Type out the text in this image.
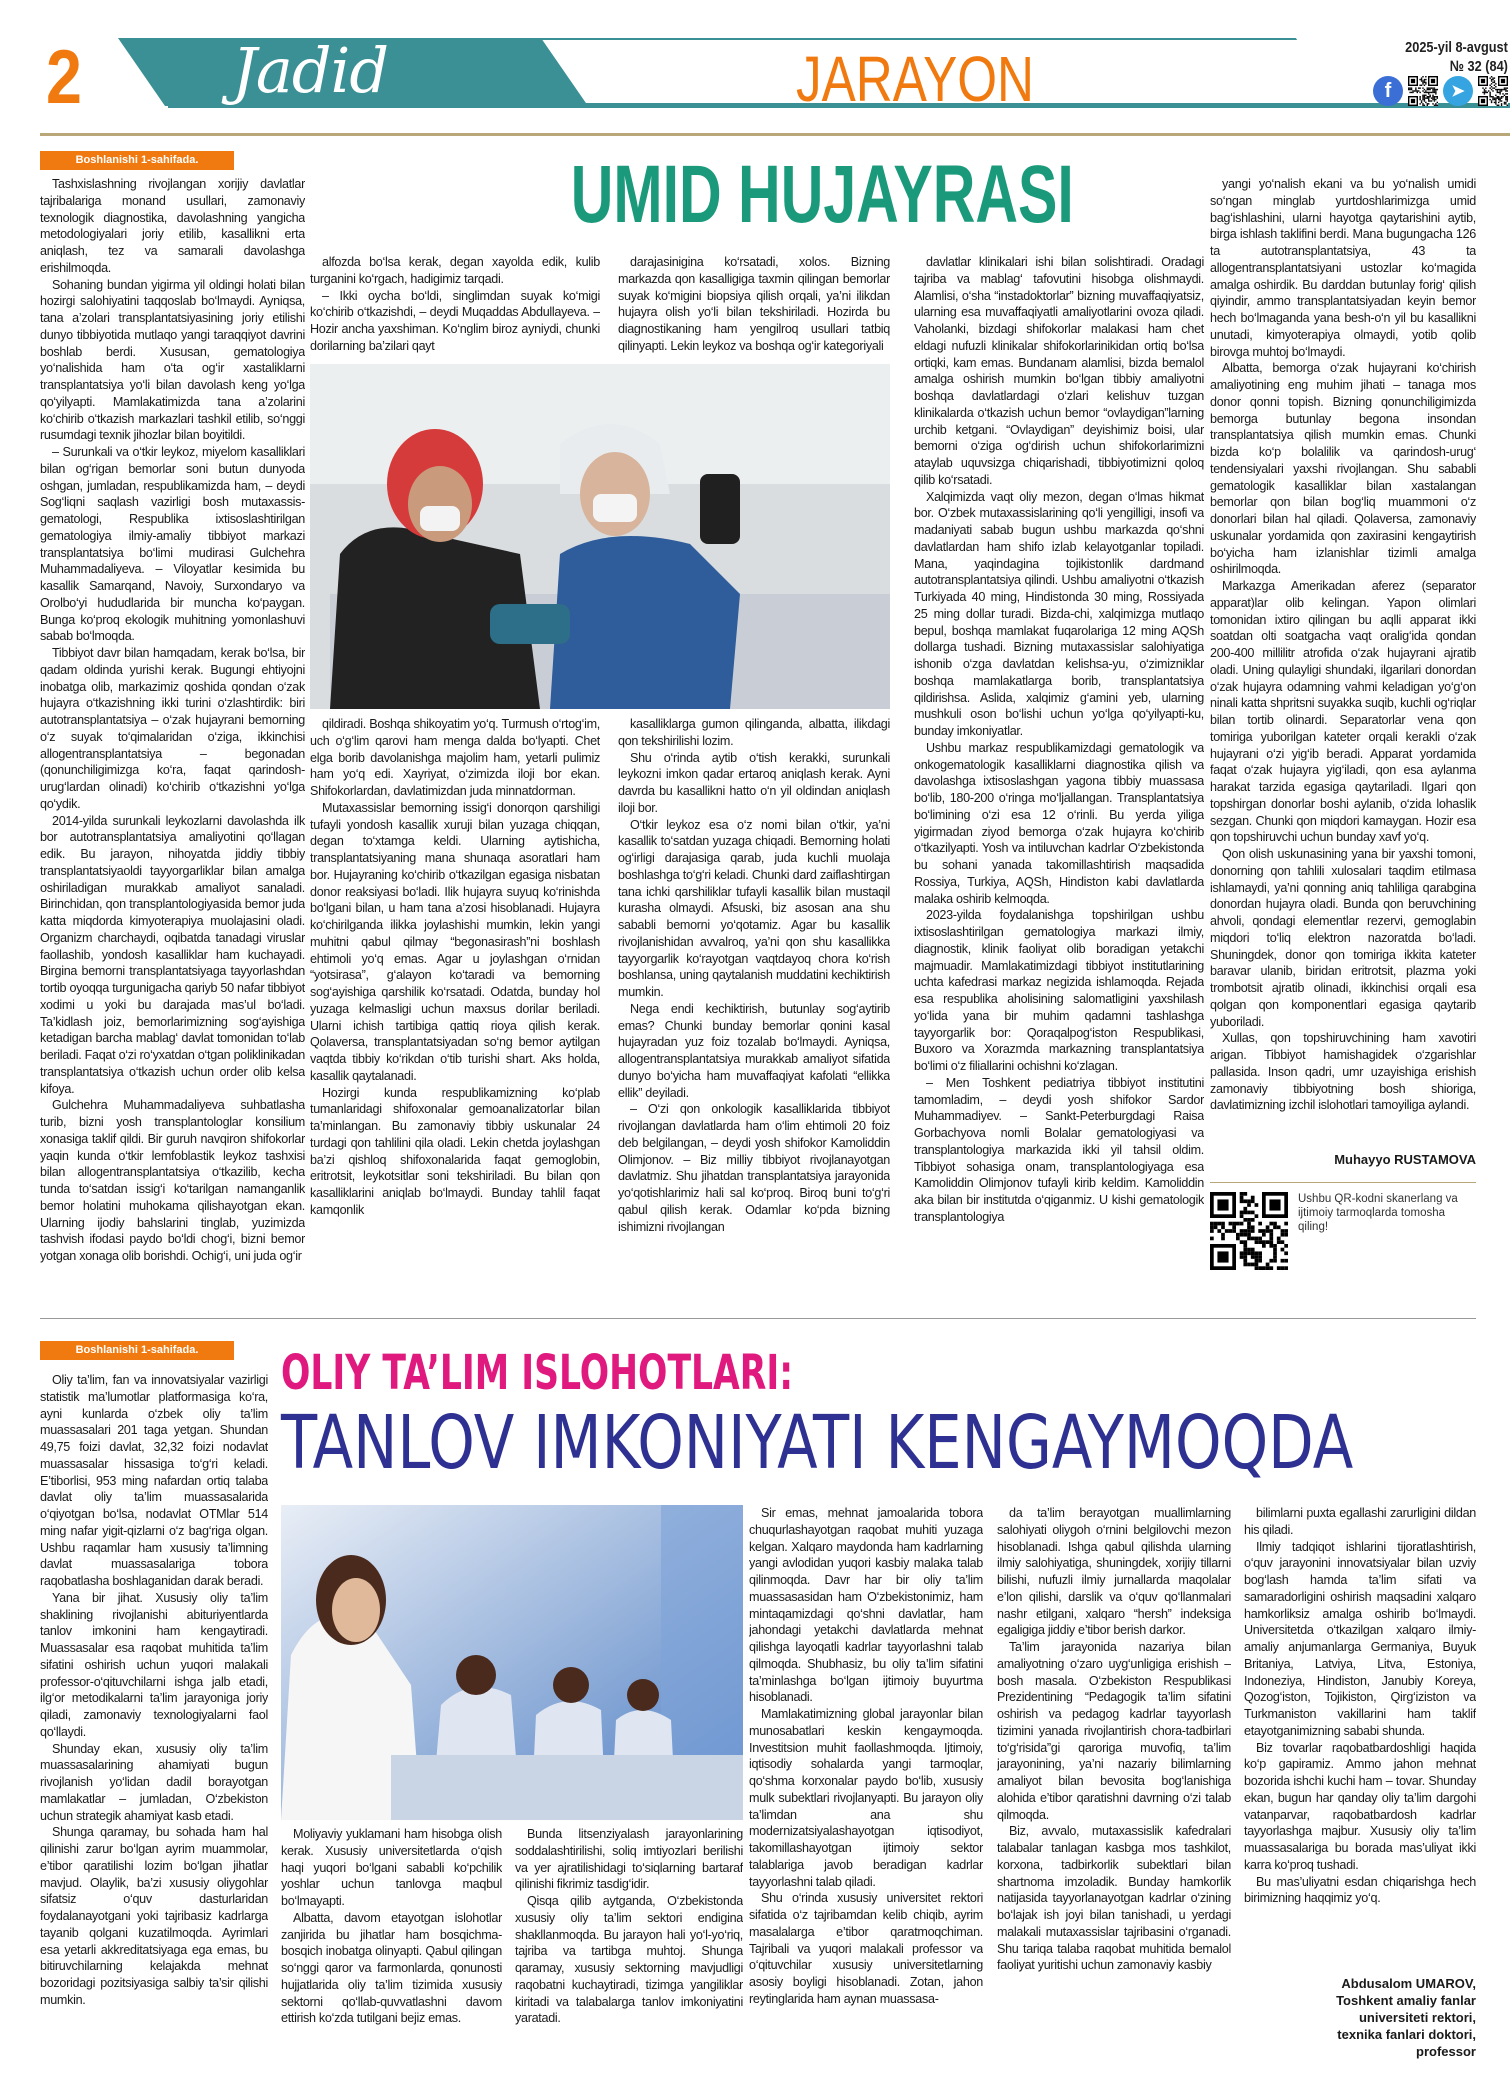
2 Jadid	JARAYON	2025-yil 8-avgust
№ 32 (84)
f	➤
Boshlanishi 1-sahifada.	UMID HUJAYRASI

Tashxislashning rivojlangan xorijiy davlatlar tajribalariga monand usullari, zamonaviy texnologik diagnostika, davolashning yangicha metodologiyalari joriy etilib, kasallikni erta aniqlash, tez va samarali davolashga erishilmoqda.

Sohaning bundan yigirma yil oldingi holati bilan hozirgi salohiyatini taqqoslab bo‘lmaydi. Ayniqsa, tana a’zolari transplantatsiyasining joriy etilishi dunyo tibbiyotida mutlaqo yangi taraqqiyot davrini boshlab berdi. Xususan, gematologiya yo‘nalishida ham o‘ta og‘ir xastaliklarni transplantatsiya yo‘li bilan davolash keng yo‘lga qo‘yilyapti. Mamlakatimizda tana a’zolarini ko‘chirib o‘tkazish markazlari tashkil etilib, so‘nggi rusumdagi texnik jihozlar bilan boyitildi.

– Surunkali va o‘tkir leykoz, miyelom kasalliklari bilan og‘rigan bemorlar soni butun dunyoda oshgan, jumladan, respublikamizda ham, – deydi Sog‘liqni saqlash vazirligi bosh mutaxassis-gematologi, Respublika ixtisoslashtirilgan gematologiya ilmiy-amaliy tibbiyot markazi transplantatsiya bo‘limi mudirasi Gulchehra Muhammadaliyeva. – Viloyatlar kesimida bu kasallik Samarqand, Navoiy, Surxondaryo va Orolbo‘yi hududlarida bir muncha ko‘paygan. Bunga ko‘proq ekologik muhitning yomonlashuvi sabab bo‘lmoqda.

Tibbiyot davr bilan hamqadam, kerak bo‘lsa, bir qadam oldinda yurishi kerak. Bugungi ehtiyojni inobatga olib, markazimiz qoshida qondan o‘zak hujayra o‘tkazishning ikki turini o‘zlashtirdik: biri autotransplantatsiya – o‘zak hujayrani bemorning o‘z suyak to‘qimalaridan o‘ziga, ikkinchisi allogentransplantatsiya – begonadan (qonunchiligimizga ko‘ra, faqat qarindosh-urug‘lardan olinadi) ko‘chirib o‘tkazishni yo‘lga qo‘ydik.

2014-yilda surunkali leykozlarni davolashda ilk bor autotransplantatsiya amaliyotini qo‘llagan edik. Bu jarayon, nihoyatda jiddiy tibbiy transplantatsiyaoldi tayyorgarliklar bilan amalga oshiriladigan murakkab amaliyot sanaladi. Birinchidan, qon transplantologiyasida bemor juda katta miqdorda kimyoterapiya muolajasini oladi. Organizm charchaydi, oqibatda tanadagi viruslar faollashib, yondosh kasalliklar ham kuchayadi. Birgina bemorni transplantatsiyaga tayyorlashdan tortib oyoqqa turgunigacha qariyb 50 nafar tibbiyot xodimi u yoki bu darajada mas’ul bo‘ladi. Ta’kidlash joiz, bemorlarimizning sog‘ayishiga ketadigan barcha mablag‘ davlat tomonidan to‘lab beriladi. Faqat o‘zi ro‘yxatdan o‘tgan poliklinikadan transplantatsiya o‘tkazish uchun order olib kelsa kifoya.

Gulchehra Muhammadaliyeva suhbatlasha turib, bizni yosh transplantologlar konsilium xonasiga taklif qildi. Bir guruh navqiron shifokorlar yaqin kunda o‘tkir lemfoblastik leykoz tashxisi bilan allogentransplantatsiya o‘tkazilib, kecha tunda to‘satdan issig‘i ko‘tarilgan namanganlik bemor holatini muhokama qilishayotgan ekan. Ularning ijodiy bahslarini tinglab, yuzimizda tashvish ifodasi paydo bo‘ldi chog‘i, bizni bemor yotgan xonaga olib borishdi. Ochig‘i, uni juda og‘ir

alfozda bo‘lsa kerak, degan xayolda edik, kulib turganini ko‘rgach, hadigimiz tarqadi.

– Ikki oycha bo‘ldi, singlimdan suyak ko‘migi ko‘chirib o‘tkazishdi, – deydi Muqaddas Abdullayeva. – Hozir ancha yaxshiman. Ko‘nglim biroz ayniydi, chunki dorilarning ba’zilari qayt

darajasinigina ko‘rsatadi, xolos. Bizning markazda qon kasalligiga taxmin qilingan bemorlar suyak ko‘migini biopsiya qilish orqali, ya’ni ilikdan hujayra olish yo‘li bilan tekshiriladi. Hozirda bu diagnostikaning ham yengilroq usullari tatbiq qilinyapti. Lekin leykoz va boshqa og‘ir kategoriyali

qildiradi. Boshqa shikoyatim yo‘q. Turmush o‘rtog‘im, uch o‘g‘lim qarovi ham menga dalda bo‘lyapti. Chet elga borib davolanishga majolim ham, yetarli pulimiz ham yo‘q edi. Xayriyat, o‘zimizda iloji bor ekan. Shifokorlardan, davlatimizdan juda minnatdorman.

Mutaxassislar bemorning issig‘i donorqon qarshiligi tufayli yondosh kasallik xuruji bilan yuzaga chiqqan, degan to‘xtamga keldi. Ularning aytishicha, transplantatsiyaning mana shunaqa asoratlari ham bor. Hujayraning ko‘chirib o‘tkazilgan egasiga nisbatan donor reaksiyasi bo‘ladi. Ilik hujayra suyuq ko‘rinishda bo‘lgani bilan, u ham tana a’zosi hisoblanadi. Hujayra ko‘chirilganda ilikka joylashishi mumkin, lekin yangi muhitni qabul qilmay “begonasirash”ni boshlash ehtimoli yo‘q emas. Agar u joylashgan o‘rnidan “yotsirasa”, g‘alayon ko‘taradi va bemorning sog‘ayishiga qarshilik ko‘rsatadi. Odatda, bunday hol yuzaga kelmasligi uchun maxsus dorilar beriladi. Ularni ichish tartibiga qattiq rioya qilish kerak. Qolaversa, transplantatsiyadan so‘ng bemor aytilgan vaqtda tibbiy ko‘rikdan o‘tib turishi shart. Aks holda, kasallik qaytalanadi.

Hozirgi kunda respublikamizning ko‘plab tumanlaridagi shifoxonalar gemoanalizatorlar bilan ta’minlangan. Bu zamonaviy tibbiy uskunalar 24 turdagi qon tahlilini qila oladi. Lekin chetda joylashgan ba’zi qishloq shifoxonalarida faqat gemoglobin, eritrotsit, leykotsitlar soni tekshiriladi. Bu bilan qon kasalliklarini aniqlab bo‘lmaydi. Bunday tahlil faqat kamqonlik

kasalliklarga gumon qilinganda, albatta, ilikdagi qon tekshirilishi lozim.

Shu o‘rinda aytib o‘tish kerakki, surunkali leykozni imkon qadar ertaroq aniqlash kerak. Ayni davrda bu kasallikni hatto o‘n yil oldindan aniqlash iloji bor.

O‘tkir leykoz esa o‘z nomi bilan o‘tkir, ya’ni kasallik to‘satdan yuzaga chiqadi. Bemorning holati og‘irligi darajasiga qarab, juda kuchli muolaja boshlashga to‘g‘ri keladi. Chunki dard zaiflashtirgan tana ichki qarshiliklar tufayli kasallik bilan mustaqil kurasha olmaydi. Afsuski, biz asosan ana shu sababli bemorni yo‘qotamiz. Agar bu kasallik rivojlanishidan avvalroq, ya’ni qon shu kasallikka tayyorgarlik ko‘rayotgan vaqtdayoq chora ko‘rish boshlansa, uning qaytalanish muddatini kechiktirish mumkin.

Nega endi kechiktirish, butunlay sog‘aytirib emas? Chunki bunday bemorlar qonini kasal hujayradan yuz foiz tozalab bo‘lmaydi. Ayniqsa, allogentransplantatsiya murakkab amaliyot sifatida dunyo bo‘yicha ham muvaffaqiyat kafolati “ellikka ellik” deyiladi.

– O‘zi qon onkologik kasalliklarida tibbiyot rivojlangan davlatlarda ham o‘lim ehtimoli 20 foiz deb belgilangan, – deydi yosh shifokor Kamoliddin Olimjonov. – Biz milliy tibbiyot rivojlanayotgan davlatmiz. Shu jihatdan transplantatsiya jarayonida yo‘qotishlarimiz hali sal ko‘proq. Biroq buni to‘g‘ri qabul qilish kerak. Odamlar ko‘pda bizning ishimizni rivojlangan

davlatlar klinikalari ishi bilan solishtiradi. Oradagi tajriba va mablag‘ tafovutini hisobga olishmaydi. Alamlisi, o‘sha “instadoktorlar” bizning muvaffaqiyatsiz, ularning esa muvaffaqiyatli amaliyotlarini ovoza qiladi. Vaholanki, bizdagi shifokorlar malakasi ham chet eldagi nufuzli klinikalar shifokorlarinikidan ortiq bo‘lsa ortiqki, kam emas. Bundanam alamlisi, bizda bemalol amalga oshirish mumkin bo‘lgan tibbiy amaliyotni boshqa davlatlardagi o‘zlari kelishuv tuzgan klinikalarda o‘tkazish uchun bemor “ovlaydigan”larning urchib ketgani. “Ovlaydigan” deyishimiz boisi, ular bemorni o‘ziga og‘dirish uchun shifokorlarimizni ataylab uquvsizga chiqarishadi, tibbiyotimizni qoloq qilib ko‘rsatadi.

Xalqimizda vaqt oliy mezon, degan o‘lmas hikmat bor. O‘zbek mutaxassislarining qo‘li yengilligi, insofi va madaniyati sabab bugun ushbu markazda qo‘shni davlatlardan ham shifo izlab kelayotganlar topiladi. Mana, yaqindagina tojikistonlik dardmand autotransplantatsiya qilindi. Ushbu amaliyotni o‘tkazish Turkiyada 40 ming, Hindistonda 30 ming, Rossiyada 25 ming dollar turadi. Bizda-chi, xalqimizga mutlaqo bepul, boshqa mamlakat fuqarolariga 12 ming AQSh dollarga tushadi. Bizning mutaxassislar salohiyatiga ishonib o‘zga davlatdan kelishsa-yu, o‘zimizniklar boshqa mamlakatlarga borib, transplantatsiya qildirishsa. Aslida, xalqimiz g‘amini yeb, ularning mushkuli oson bo‘lishi uchun yo‘lga qo‘yilyapti-ku, bunday imkoniyatlar.

Ushbu markaz respublikamizdagi gematologik va onkogematologik kasalliklarni diagnostika qilish va davolashga ixtisoslashgan yagona tibbiy muassasa bo‘lib, 180-200 o‘ringa mo‘ljallangan. Transplantatsiya bo‘limining o‘zi esa 12 o‘rinli. Bu yerda yiliga yigirmadan ziyod bemorga o‘zak hujayra ko‘chirib o‘tkazilyapti. Yosh va intiluvchan kadrlar O‘zbekistonda bu sohani yanada takomillashtirish maqsadida Rossiya, Turkiya, AQSh, Hindiston kabi davlatlarda malaka oshirib kelmoqda.

2023-yilda foydalanishga topshirilgan ushbu ixtisoslashtirilgan gematologiya markazi ilmiy, diagnostik, klinik faoliyat olib boradigan yetakchi majmuadir. Mamlakatimizdagi tibbiyot institutlarining uchta kafedrasi markaz negizida ishlamoqda. Rejada esa respublika aholisining salomatligini yaxshilash yo‘lida yana bir muhim qadamni tashlashga tayyorgarlik bor: Qoraqalpog‘iston Respublikasi, Buxoro va Xorazmda markazning transplantatsiya bo‘limi o‘z filiallarini ochishni ko‘zlagan.

– Men Toshkent pediatriya tibbiyot institutini tamomladim, – deydi yosh shifokor Sardor Muhammadiyev. – Sankt-Peterburgdagi Raisa Gorbachyova nomli Bolalar gematologiyasi va transplantologiya markazida ikki yil tahsil oldim. Tibbiyot sohasiga onam, transplantologiyaga esa Kamoliddin Olimjonov tufayli kirib keldim. Kamoliddin aka bilan bir institutda o‘qiganmiz. U kishi gematologik transplantologiya

yangi yo‘nalish ekani va bu yo‘nalish umidi so‘ngan minglab yurtdoshlarimizga umid bag‘ishlashini, ularni hayotga qaytarishini aytib, birga ishlash taklifini berdi. Mana bugungacha 126 ta autotransplantatsiya, 43 ta allogentransplantatsiyani ustozlar ko‘magida amalga oshirdik. Bu darddan butunlay forig‘ qilish qiyindir, ammo transplantatsiyadan keyin bemor hech bo‘lmaganda yana besh-o‘n yil bu kasallikni unutadi, kimyoterapiya olmaydi, yotib qolib birovga muhtoj bo‘lmaydi.

Albatta, bemorga o‘zak hujayrani ko‘chirish amaliyotining eng muhim jihati – tanaga mos donor qonni topish. Bizning qonunchiligimizda bemorga butunlay begona insondan transplantatsiya qilish mumkin emas. Chunki bizda ko‘p bolalilik va qarindosh-urug‘ tendensiyalari yaxshi rivojlangan. Shu sababli gematologik kasalliklar bilan xastalangan bemorlar qon bilan bog‘liq muammoni o‘z donorlari bilan hal qiladi. Qolaversa, zamonaviy uskunalar yordamida qon zaxirasini kengaytirish bo‘yicha ham izlanishlar tizimli amalga oshirilmoqda.

Markazga Amerikadan aferez (separator apparat)lar olib kelingan. Yapon olimlari tomonidan ixtiro qilingan bu aqlli apparat ikki soatdan olti soatgacha vaqt oralig‘ida qondan 200-400 millilitr atrofida o‘zak hujayrani ajratib oladi. Uning qulayligi shundaki, ilgarilari donordan o‘zak hujayra odamning vahmi keladigan yo‘g‘on ninali katta shpritsni suyakka suqib, kuchli og‘riqlar bilan tortib olinardi. Separatorlar vena qon tomiriga yuborilgan kateter orqali kerakli o‘zak hujayrani o‘zi yig‘ib beradi. Apparat yordamida faqat o‘zak hujayra yig‘iladi, qon esa aylanma harakat tarzida egasiga qaytariladi. Ilgari qon topshirgan donorlar boshi aylanib, o‘zida lohaslik sezgan. Chunki qon miqdori kamaygan. Hozir esa qon topshiruvchi uchun bunday xavf yo‘q.

Qon olish uskunasining yana bir yaxshi tomoni, donorning qon tahlili xulosalari taqdim etilmasa ishlamaydi, ya’ni qonning aniq tahliliga qarabgina donordan hujayra oladi. Bunda qon beruvchining ahvoli, qondagi elementlar rezervi, gemoglabin miqdori to‘liq elektron nazoratda bo‘ladi. Shuningdek, donor qon tomiriga ikkita kateter baravar ulanib, biridan eritrotsit, plazma yoki trombotsit ajratib olinadi, ikkinchisi orqali esa qolgan qon komponentlari egasiga qaytarib yuboriladi.

Xullas, qon topshiruvchining ham xavotiri arigan. Tibbiyot hamishagidek o‘zgarishlar pallasida. Inson qadri, umr uzayishiga erishish zamonaviy tibbiyotning bosh shioriga, davlatimizning izchil islohotlari tamoyiliga aylandi.

Muhayyo RUSTAMOVA
Ushbu QR-kodni skanerlang va ijtimoiy tarmoqlarda tomosha qiling!
Boshlanishi 1-sahifada.	OLIY TA’LIM ISLOHOTLARI:
TANLOV IMKONIYATI KENGAYMOQDA

Oliy ta’lim, fan va innovatsiyalar vazirligi statistik ma’lumotlar platformasiga ko‘ra, ayni kunlarda o‘zbek oliy ta’lim muassasalari 201 taga yetgan. Shundan 49,75 foizi davlat, 32,32 foizi nodavlat muassasalar hissasiga to‘g‘ri keladi. E’tiborlisi, 953 ming nafardan ortiq talaba davlat oliy ta’lim muassasalarida o‘qiyotgan bo‘lsa, nodavlat OTMlar 514 ming nafar yigit-qizlarni o‘z bag‘riga olgan. Ushbu raqamlar ham xususiy ta’limning davlat muassasalariga tobora raqobatlasha boshlaganidan darak beradi.

Yana bir jihat. Xususiy oliy ta’lim shaklining rivojlanishi abituriyentlarda tanlov imkonini ham kengaytiradi. Muassasalar esa raqobat muhitida ta’lim sifatini oshirish uchun yuqori malakali professor-o‘qituvchilarni ishga jalb etadi, ilg‘or metodikalarni ta’lim jarayoniga joriy qiladi, zamonaviy texnologiyalarni faol qo‘llaydi.

Shunday ekan, xususiy oliy ta’lim muassasalarining ahamiyati bugun rivojlanish yo‘lidan dadil borayotgan mamlakatlar – jumladan, O‘zbekiston uchun strategik ahamiyat kasb etadi.

Shunga qaramay, bu sohada ham hal qilinishi zarur bo‘lgan ayrim muammolar, e’tibor qaratilishi lozim bo‘lgan jihatlar mavjud. Olaylik, ba’zi xususiy oliygohlar sifatsiz o‘quv dasturlaridan foydalanayotgani yoki tajribasiz kadrlarga tayanib qolgani kuzatilmoqda. Ayrimlari esa yetarli akkreditatsiyaga ega emas, bu bitiruvchilarning kelajakda mehnat bozoridagi pozitsiyasiga salbiy ta’sir qilishi mumkin.

Moliyaviy yuklamani ham hisobga olish kerak. Xususiy universitetlarda o‘qish haqi yuqori bo‘lgani sababli ko‘pchilik yoshlar uchun tanlovga maqbul bo‘lmayapti.

Albatta, davom etayotgan islohotlar zanjirida bu jihatlar ham bosqichma-bosqich inobatga olinyapti. Qabul qilingan so‘nggi qaror va farmonlarda, qonunosti hujjatlarida oliy ta’lim tizimida xususiy sektorni qo‘llab-quvvatlashni davom ettirish ko‘zda tutilgani bejiz emas.

Bunda litsenziyalash jarayonlarining soddalashtirilishi, soliq imtiyozlari berilishi va yer ajratilishidagi to‘siqlarning bartaraf qilinishi fikrimiz tasdig‘idir.

Qisqa qilib aytganda, O‘zbekistonda xususiy oliy ta’lim sektori endigina shakllanmoqda. Bu jarayon hali yo‘l-yo‘riq, tajriba va tartibga muhtoj. Shunga qaramay, xususiy sektorning mavjudligi raqobatni kuchaytiradi, tizimga yangiliklar kiritadi va talabalarga tanlov imkoniyatini yaratadi.

Sir emas, mehnat jamoalarida tobora chuqurlashayotgan raqobat muhiti yuzaga kelgan. Xalqaro maydonda ham kadrlarning yangi avlodidan yuqori kasbiy malaka talab qilinmoqda. Davr har bir oliy ta’lim muassasasidan ham O‘zbekistonimiz, ham mintaqamizdagi qo‘shni davlatlar, ham jahondagi yetakchi davlatlarda mehnat qilishga layoqatli kadrlar tayyorlashni talab qilmoqda. Shubhasiz, bu oliy ta’lim sifatini ta’minlashga bo‘lgan ijtimoiy buyurtma hisoblanadi.

Mamlakatimizning global jarayonlar bilan munosabatlari keskin kengaymoqda. Investitsion muhit faollashmoqda. Ijtimoiy, iqtisodiy sohalarda yangi tarmoqlar, qo‘shma korxonalar paydo bo‘lib, xususiy mulk subektlari rivojlanyapti. Bu jarayon oliy ta’limdan ana shu modernizatsiyalashayotgan iqtisodiyot, takomillashayotgan ijtimoiy sektor talablariga javob beradigan kadrlar tayyorlashni talab qiladi.

Shu o‘rinda xususiy universitet rektori sifatida o‘z tajribamdan kelib chiqib, ayrim masalalarga e’tibor qaratmoqchiman. Tajribali va yuqori malakali professor va o‘qituvchilar xususiy universitetlarning asosiy boyligi hisoblanadi. Zotan, jahon reytinglarida ham aynan muassasa-

da ta’lim berayotgan muallimlarning salohiyati oliygoh o‘rnini belgilovchi mezon hisoblanadi. Ishga qabul qilishda ularning ilmiy salohiyatiga, shuningdek, xorijiy tillarni bilishi, nufuzli ilmiy jurnallarda maqolalar e’lon qilishi, darslik va o‘quv qo‘llanmalari nashr etilgani, xalqaro “hersh” indeksiga egaligiga jiddiy e’tibor berish darkor.

Ta’lim jarayonida nazariya bilan amaliyotning o‘zaro uyg‘unligiga erishish – bosh masala. O‘zbekiston Respublikasi Prezidentining “Pedagogik ta’lim sifatini oshirish va pedagog kadrlar tayyorlash tizimini yanada rivojlantirish chora-tadbirlari to‘g‘risida”gi qaroriga muvofiq, ta’lim jarayonining, ya’ni nazariy bilimlarning amaliyot bilan bevosita bog‘lanishiga alohida e’tibor qaratishni davrning o‘zi talab qilmoqda.

Biz, avvalo, mutaxassislik kafedralari talabalar tanlagan kasbga mos tashkilot, korxona, tadbirkorlik subektlari bilan shartnoma imzoladik. Bunday hamkorlik natijasida tayyorlanayotgan kadrlar o‘zining bo‘lajak ish joyi bilan tanishadi, u yerdagi malakali mutaxassislar tajribasini o‘rganadi. Shu tariqa talaba raqobat muhitida bemalol faoliyat yuritishi uchun zamonaviy kasbiy

bilimlarni puxta egallashi zarurligini dildan his qiladi.

Ilmiy tadqiqot ishlarini tijoratlashtirish, o‘quv jarayonini innovatsiyalar bilan uzviy bog‘lash hamda ta’lim sifati va samaradorligini oshirish maqsadini xalqaro hamkorliksiz amalga oshirib bo‘lmaydi. Universitetda o‘tkazilgan xalqaro ilmiy-amaliy anjumanlarga Germaniya, Buyuk Britaniya, Latviya, Litva, Estoniya, Indoneziya, Hindiston, Janubiy Koreya, Qozog‘iston, Tojikiston, Qirg‘iziston va Turkmaniston vakillarini ham taklif etayotganimizning sababi shunda.

Biz tovarlar raqobatbardoshligi haqida ko‘p gapiramiz. Ammo jahon mehnat bozorida ishchi kuchi ham – tovar. Shunday ekan, bugun har qanday oliy ta’lim dargohi vatanparvar, raqobatbardosh kadrlar tayyorlashga majbur. Xususiy oliy ta’lim muassasalariga bu borada mas’uliyat ikki karra ko‘proq tushadi.

Bu mas’uliyatni esdan chiqarishga hech birimizning haqqimiz yo‘q.

Abdusalom UMAROV,
Toshkent amaliy fanlar
universiteti rektori,
texnika fanlari doktori,
professor
